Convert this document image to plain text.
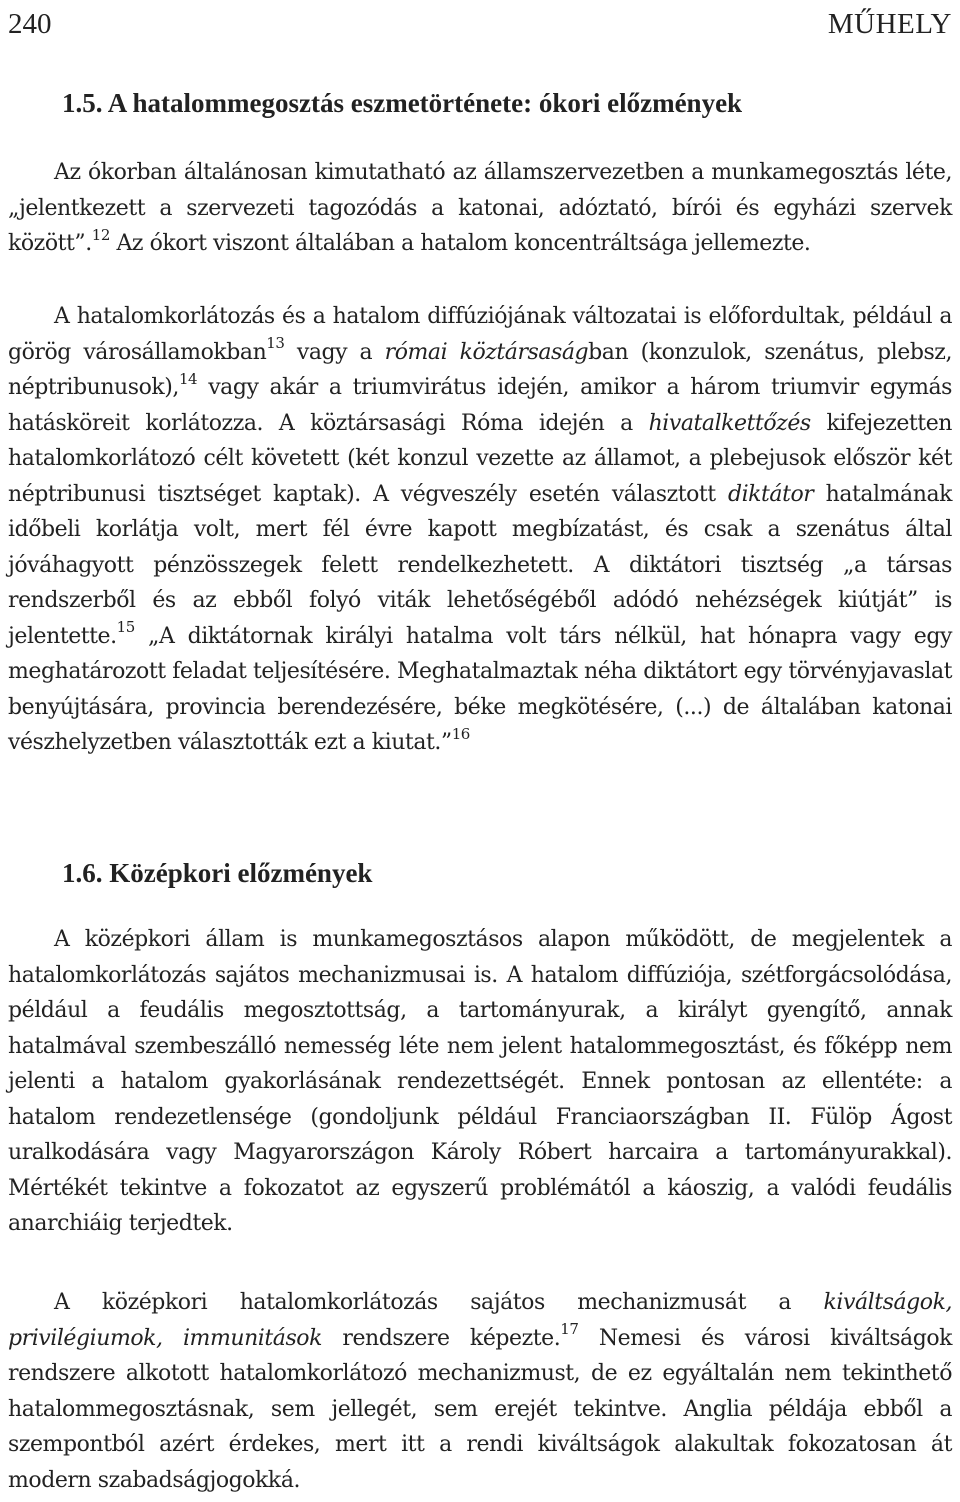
240	MŰHELY
1.5. A hatalommegosztás eszmetörténete: ókori előzmények

Az ókorban általánosan kimutatható az államszervezetben a munkamegosztás léte, „jelentkezett a szervezeti tagozódás a katonai, adóztató, bírói és egyházi szervek között”.$^{12}$ Az ókort viszont általában a hatalom koncentráltsága jellemezte.

A hatalomkorlátozás és a hatalom diffúziójának változatai is előfordultak, például a görög városállamokban$^{13}$ vagy a római köztársaságban (konzulok, szenátus, plebsz, néptribunusok),$^{14}$ vagy akár a triumvirátus idején, amikor a három triumvir egymás hatásköreit korlátozza. A köztársasági Róma idején a hivatalkettőzés kifejezetten hatalomkorlátozó célt követett (két konzul vezette az államot, a plebejusok először két néptribunusi tisztséget kaptak). A végveszély esetén választott diktátor hatalmának időbeli korlátja volt, mert fél évre kapott megbízatást, és csak a szenátus által jóváhagyott pénzösszegek felett rendelkezhetett. A diktátori tisztség „a társas rendszerből és az ebből folyó viták lehetőségéből adódó nehézségek kiútját” is jelentette.$^{15}$ „A diktátornak királyi hatalma volt társ nélkül, hat hónapra vagy egy meghatározott feladat teljesítésére. Meghatalmaztak néha diktátort egy törvényjavaslat benyújtására, provincia berendezésére, béke megkötésére, (...) de általában katonai vészhelyzetben választották ezt a kiutat.”$^{16}$

1.6. Középkori előzmények

A középkori állam is munkamegosztásos alapon működött, de megjelentek a hatalomkorlátozás sajátos mechanizmusai is. A hatalom diffúziója, szétforgácsolódása, például a feudális megosztottság, a tartományurak, a királyt gyengítő, annak hatalmával szembeszálló nemesség léte nem jelent hatalommegosztást, és főképp nem jelenti a hatalom gyakorlásának rendezettségét. Ennek pontosan az ellentéte: a hatalom rendezetlensége (gondoljunk például Franciaországban II. Fülöp Ágost uralkodására vagy Magyarországon Károly Róbert harcaira a tartományurakkal). Mértékét tekintve a fokozatot az egyszerű problémától a káoszig, a valódi feudális anarchiáig terjedtek.

A középkori hatalomkorlátozás sajátos mechanizmusát a kiváltságok, privilégiumok, immunitások rendszere képezte.$^{17}$ Nemesi és városi kiváltságok rendszere alkotott hatalomkorlátozó mechanizmust, de ez egyáltalán nem tekinthető hatalommegosztásnak, sem jellegét, sem erejét tekintve. Anglia példája ebből a szempontból azért érdekes, mert itt a rendi kiváltságok alakultak fokozatosan át modern szabadságjogokká.
